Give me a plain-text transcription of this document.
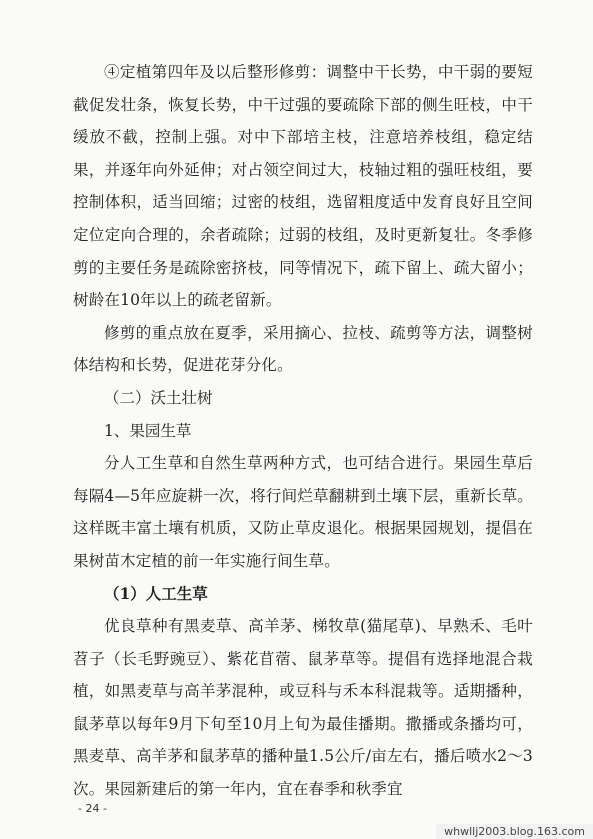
④定植第四年及以后整形修剪：调整中干长势，中干弱的要短截促发壮条，恢复长势，中干过强的要疏除下部的侧生旺枝，中干缓放不截，控制上强。对中下部培主枝，注意培养枝组，稳定结果，并逐年向外延伸；对占领空间过大，枝轴过粗的强旺枝组，要控制体积，适当回缩；过密的枝组，选留粗度适中发育良好且空间定位定向合理的，余者疏除；过弱的枝组，及时更新复壮。冬季修剪的主要任务是疏除密挤枝，同等情况下，疏下留上、疏大留小；树龄在10年以上的疏老留新。

修剪的重点放在夏季，采用摘心、拉枝、疏剪等方法，调整树体结构和长势，促进花芽分化。

（二）沃土壮树

1、果园生草

分人工生草和自然生草两种方式，也可结合进行。果园生草后每隔4—5年应旋耕一次，将行间烂草翻耕到土壤下层，重新长草。这样既丰富土壤有机质，又防止草皮退化。根据果园规划，提倡在果树苗木定植的前一年实施行间生草。

（1）人工生草

优良草种有黑麦草、高羊茅、梯牧草(猫尾草)、早熟禾、毛叶苕子（长毛野豌豆）、紫花苜蓿、鼠茅草等。提倡有选择地混合栽植，如黑麦草与高羊茅混种，或豆科与禾本科混栽等。适期播种，鼠茅草以每年9月下旬至10月上旬为最佳播期。撒播或条播均可，黑麦草、高羊茅和鼠茅草的播种量1.5公斤/亩左右，播后喷水2～3次。果园新建后的第一年内，宜在春季和秋季宜

- 24 -
whwllj2003.blog.163.com
